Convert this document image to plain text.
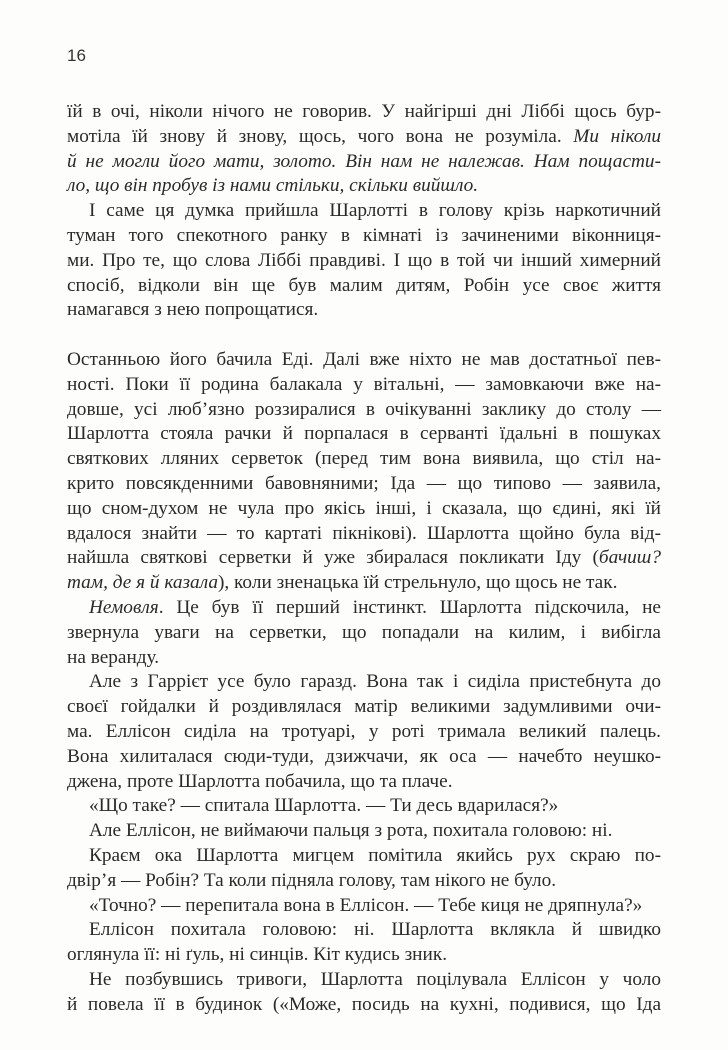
16
їй в очі, ніколи нічого не говорив. У найгірші дні Ліббі щось бур-
мотіла їй знову й знову, щось, чого вона не розуміла. Ми ніколи
й не могли його мати, золото. Він нам не належав. Нам пощасти-
ло, що він пробув із нами стільки, скільки вийшло.
І саме ця думка прийшла Шарлотті в голову крізь наркотичний
туман того спекотного ранку в кімнаті із зачиненими віконниця-
ми. Про те, що слова Ліббі правдиві. І що в той чи інший химерний
спосіб, відколи він ще був малим дитям, Робін усе своє життя
намагався з нею попрощатися.
Останньою його бачила Еді. Далі вже ніхто не мав достатньої пев-
ності. Поки її родина балакала у вітальні, — замовкаючи вже на-
довше, усі люб’язно роззиралися в очікуванні заклику до столу —
Шарлотта стояла рачки й порпалася в серванті їдальні в пошуках
святкових лляних серветок (перед тим вона виявила, що стіл на-
крито повсякденними бавовняними; Іда — що типово — заявила,
що сном-духом не чула про якісь інші, і сказала, що єдині, які їй
вдалося знайти — то картаті пікнікові). Шарлотта щойно була від-
найшла святкові серветки й уже збиралася покликати Іду (бачиш?
там, де я й казала), коли зненацька їй стрельнуло, що щось не так.
Немовля. Це був її перший інстинкт. Шарлотта підскочила, не
звернула уваги на серветки, що попадали на килим, і вибігла
на веранду.
Але з Гаррієт усе було гаразд. Вона так і сиділа пристебнута до
своєї гойдалки й роздивлялася матір великими задумливими очи-
ма. Еллісон сиділа на тротуарі, у роті тримала великий палець.
Вона хилиталася сюди-туди, дзижчачи, як оса — начебто неушко-
джена, проте Шарлотта побачила, що та плаче.
«Що таке? — спитала Шарлотта. — Ти десь вдарилася?»
Але Еллісон, не виймаючи пальця з рота, похитала головою: ні.
Краєм ока Шарлотта мигцем помітила якийсь рух скраю по-
двір’я — Робін? Та коли підняла голову, там нікого не було.
«Точно? — перепитала вона в Еллісон. — Тебе киця не дряпнула?»
Еллісон похитала головою: ні. Шарлотта вклякла й швидко
оглянула її: ні ґуль, ні синців. Кіт кудись зник.
Не позбувшись тривоги, Шарлотта поцілувала Еллісон у чоло
й повела її в будинок («Може, посидь на кухні, подивися, що Іда
